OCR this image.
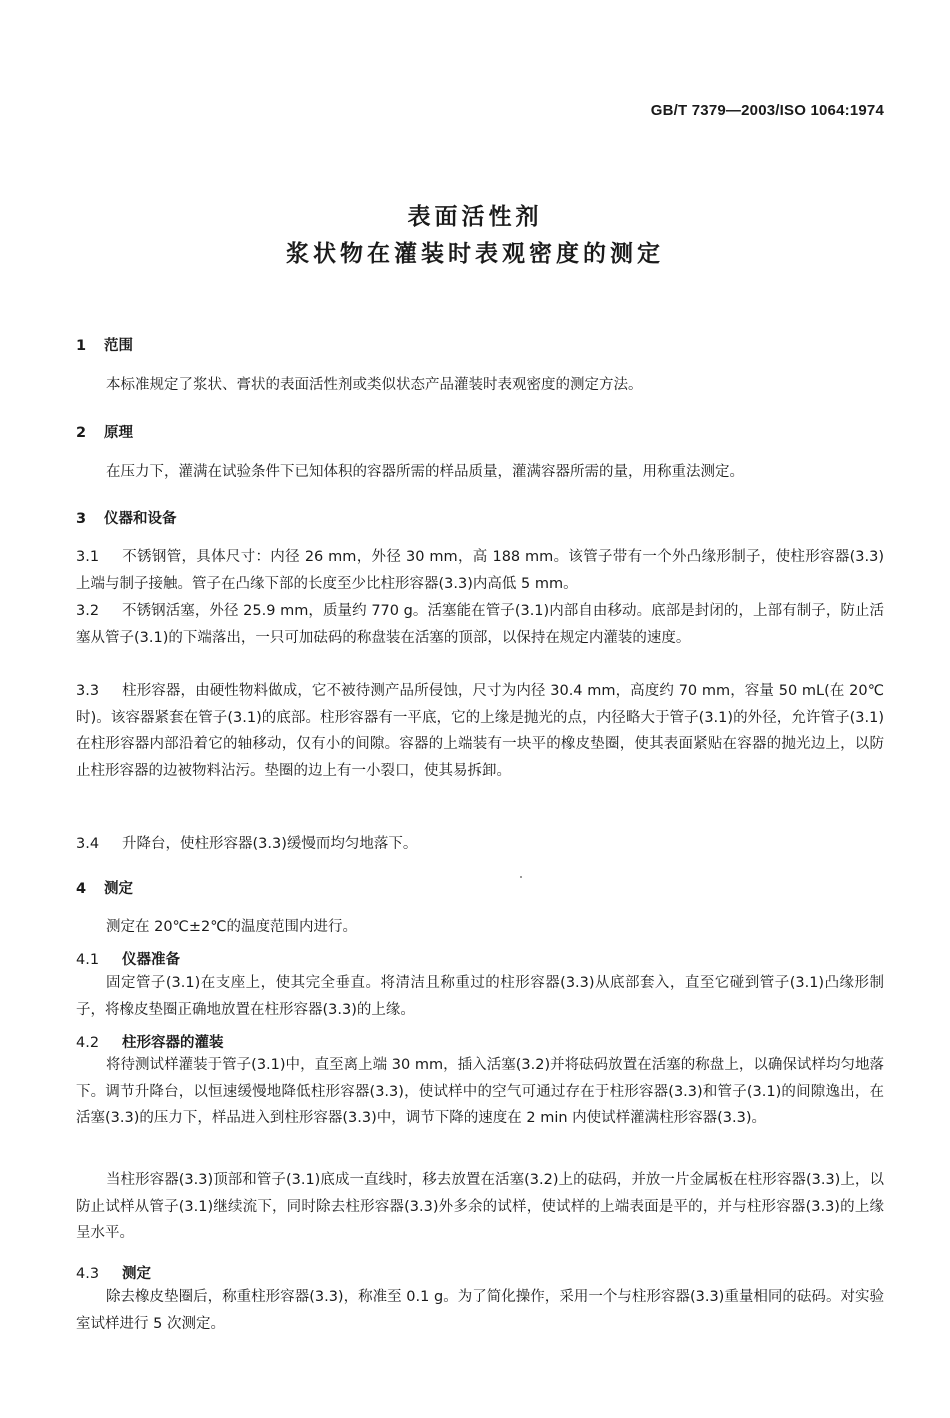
GB/T 7379—2003/ISO 1064:1974
表面活性剂
浆状物在灌装时表观密度的测定
1 范围
本标准规定了浆状、膏状的表面活性剂或类似状态产品灌装时表观密度的测定方法。
2 原理
在压力下，灌满在试验条件下已知体积的容器所需的样品质量，灌满容器所需的量，用称重法测定。
3 仪器和设备
3.1 不锈钢管，具体尺寸：内径 26 mm，外径 30 mm，高 188 mm。该管子带有一个外凸缘形制子，使柱形容器(3.3)上端与制子接触。管子在凸缘下部的长度至少比柱形容器(3.3)内高低 5 mm。
3.2 不锈钢活塞，外径 25.9 mm，质量约 770 g。活塞能在管子(3.1)内部自由移动。底部是封闭的，上部有制子，防止活塞从管子(3.1)的下端落出，一只可加砝码的称盘装在活塞的顶部，以保持在规定内灌装的速度。
3.3 柱形容器，由硬性物料做成，它不被待测产品所侵蚀，尺寸为内径 30.4 mm，高度约 70 mm，容量 50 mL(在 20℃时)。该容器紧套在管子(3.1)的底部。柱形容器有一平底，它的上缘是抛光的点，内径略大于管子(3.1)的外径，允许管子(3.1)在柱形容器内部沿着它的轴移动，仅有小的间隙。容器的上端装有一块平的橡皮垫圈，使其表面紧贴在容器的抛光边上，以防止柱形容器的边被物料沾污。垫圈的边上有一小裂口，使其易拆卸。
3.4 升降台，使柱形容器(3.3)缓慢而均匀地落下。
4 测定
测定在 20℃±2℃的温度范围内进行。
4.1 仪器准备
固定管子(3.1)在支座上，使其完全垂直。将清洁且称重过的柱形容器(3.3)从底部套入，直至它碰到管子(3.1)凸缘形制子，将橡皮垫圈正确地放置在柱形容器(3.3)的上缘。
4.2 柱形容器的灌装
将待测试样灌装于管子(3.1)中，直至离上端 30 mm，插入活塞(3.2)并将砝码放置在活塞的称盘上，以确保试样均匀地落下。调节升降台，以恒速缓慢地降低柱形容器(3.3)，使试样中的空气可通过存在于柱形容器(3.3)和管子(3.1)的间隙逸出，在活塞(3.3)的压力下，样品进入到柱形容器(3.3)中，调节下降的速度在 2 min 内使试样灌满柱形容器(3.3)。
当柱形容器(3.3)顶部和管子(3.1)底成一直线时，移去放置在活塞(3.2)上的砝码，并放一片金属板在柱形容器(3.3)上，以防止试样从管子(3.1)继续流下，同时除去柱形容器(3.3)外多余的试样，使试样的上端表面是平的，并与柱形容器(3.3)的上缘呈水平。
4.3 测定
除去橡皮垫圈后，称重柱形容器(3.3)，称准至 0.1 g。为了简化操作，采用一个与柱形容器(3.3)重量相同的砝码。对实验室试样进行 5 次测定。
